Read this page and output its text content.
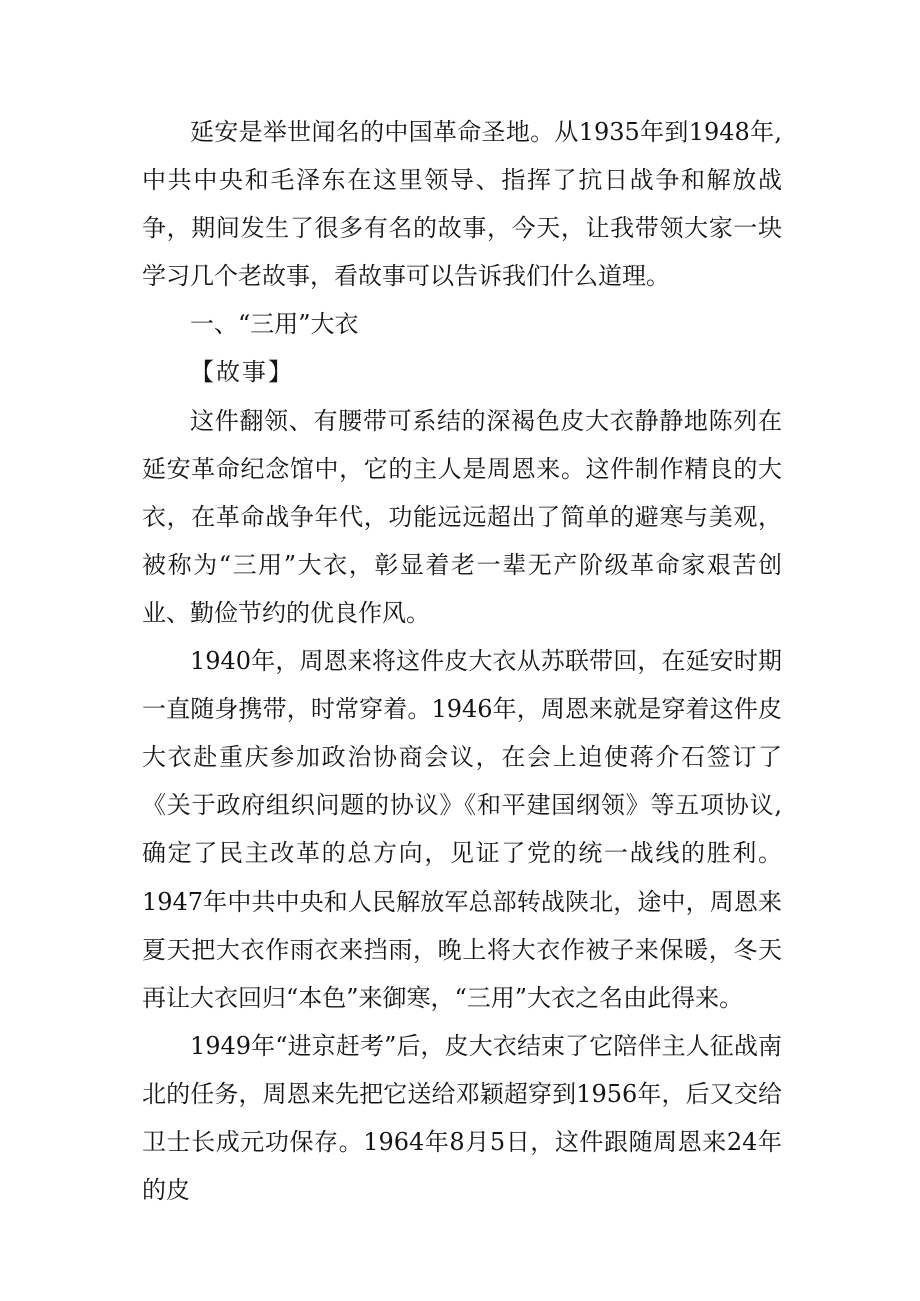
延安是举世闻名的中国革命圣地。从1935年到1948年,中共中央和毛泽东在这里领导、指挥了抗日战争和解放战争，期间发生了很多有名的故事，今天，让我带领大家一块学习几个老故事，看故事可以告诉我们什么道理。

一、“三用”大衣

【故事】

这件翻领、有腰带可系结的深褐色皮大衣静静地陈列在延安革命纪念馆中，它的主人是周恩来。这件制作精良的大衣，在革命战争年代，功能远远超出了简单的避寒与美观，被称为“三用”大衣，彰显着老一辈无产阶级革命家艰苦创业、勤俭节约的优良作风。

1940年，周恩来将这件皮大衣从苏联带回，在延安时期一直随身携带，时常穿着。1946年，周恩来就是穿着这件皮大衣赴重庆参加政治协商会议，在会上迫使蒋介石签订了《关于政府组织问题的协议》《和平建国纲领》等五项协议,确定了民主改革的总方向，见证了党的统一战线的胜利。1947年中共中央和人民解放军总部转战陕北，途中，周恩来夏天把大衣作雨衣来挡雨，晚上将大衣作被子来保暖，冬天再让大衣回归“本色”来御寒，“三用”大衣之名由此得来。

1949年“进京赶考”后，皮大衣结束了它陪伴主人征战南北的任务，周恩来先把它送给邓颖超穿到1956年，后又交给卫士长成元功保存。1964年8月5日，这件跟随周恩来24年的皮
